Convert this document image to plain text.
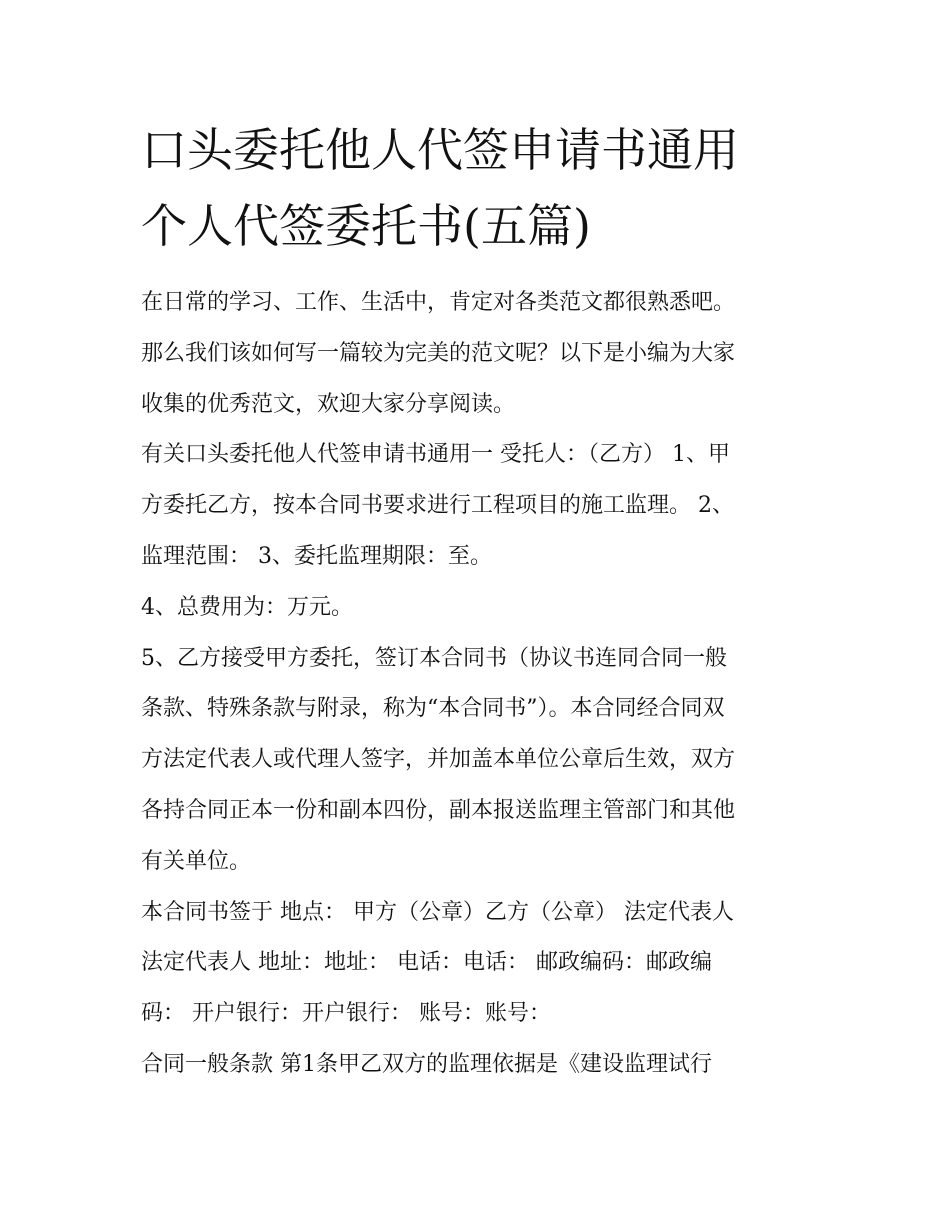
口头委托他人代签申请书通用
个人代签委托书(五篇)
在日常的学习、工作、生活中，肯定对各类范文都很熟悉吧。
那么我们该如何写一篇较为完美的范文呢？以下是小编为大家
收集的优秀范文，欢迎大家分享阅读。
有关口头委托他人代签申请书通用一 受托人：（乙方） 1、甲
方委托乙方，按本合同书要求进行工程项目的施工监理。 2、
监理范围： 3、委托监理期限：至。
4、总费用为：万元。
5、乙方接受甲方委托，签订本合同书（协议书连同合同一般
条款、特殊条款与附录，称为“本合同书”）。本合同经合同双
方法定代表人或代理人签字，并加盖本单位公章后生效，双方
各持合同正本一份和副本四份，副本报送监理主管部门和其他
有关单位。
本合同书签于 地点： 甲方（公章）乙方（公章） 法定代表人
法定代表人 地址：地址： 电话：电话： 邮政编码：邮政编
码： 开户银行：开户银行： 账号：账号：
合同一般条款 第1条甲乙双方的监理依据是《建设监理试行
